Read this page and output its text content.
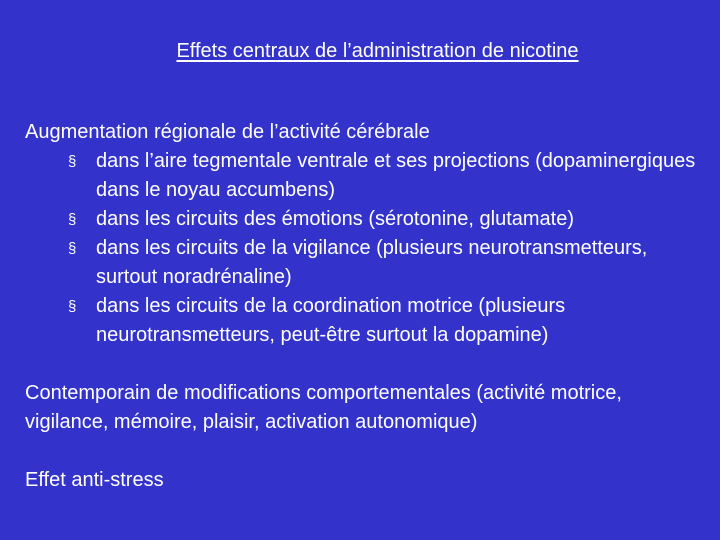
Effets centraux de l’administration de nicotine

Augmentation régionale de l’activité cérébrale

§ dans l’aire tegmentale ventrale et ses projections (dopaminergiques dans le noyau accumbens)
§ dans les circuits des émotions (sérotonine, glutamate)
§ dans les circuits de la vigilance (plusieurs neurotransmetteurs, surtout noradrénaline)
§ dans les circuits de la coordination motrice (plusieurs neurotransmetteurs, peut-être surtout la dopamine)

Contemporain de modifications comportementales (activité motrice, vigilance, mémoire, plaisir, activation autonomique)

Effet anti-stress
